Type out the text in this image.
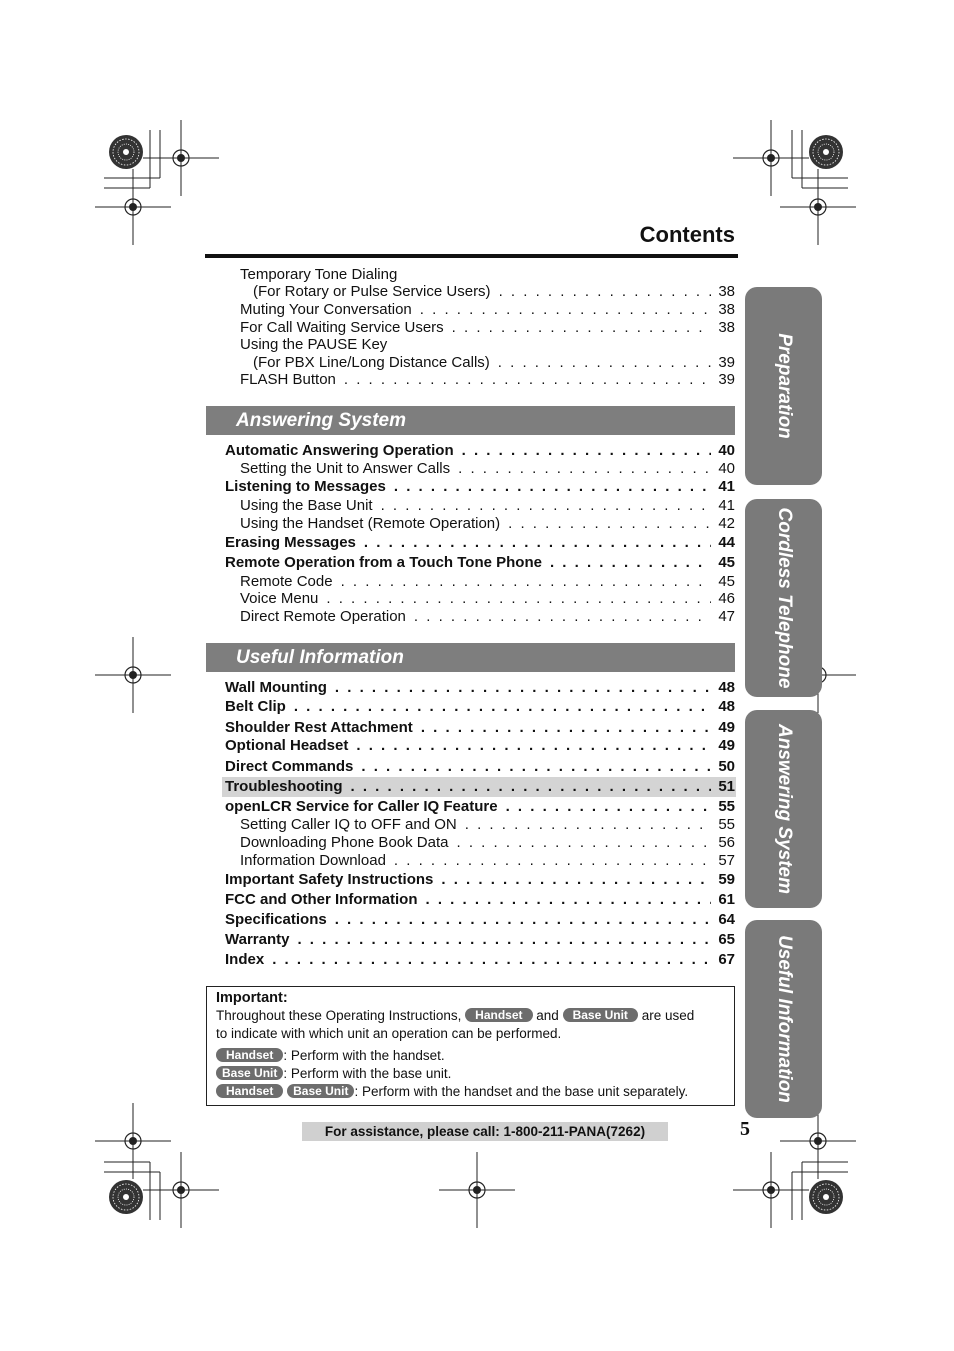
Contents
Temporary Tone Dialing
(For Rotary or Pulse Service Users) . . .	38
Muting Your Conversation . . .	38
For Call Waiting Service Users . . .	38
Using the PAUSE Key
(For PBX Line/Long Distance Calls) . . .	39
FLASH Button . . .	39
Answering System
Automatic Answering Operation . . .	40
Setting the Unit to Answer Calls . . .	40
Listening to Messages . . .	41
Using the Base Unit . . .	41
Using the Handset (Remote Operation) . . .	42
Erasing Messages . . .	44
Remote Operation from a Touch Tone Phone . . .	45
Remote Code . . .	45
Voice Menu . . .	46
Direct Remote Operation . . .	47
Useful Information
Wall Mounting . . .	48
Belt Clip . . .	48
Shoulder Rest Attachment . . .	49
Optional Headset . . .	49
Direct Commands . . .	50
Troubleshooting . . .	51
openLCR Service for Caller IQ Feature . . .	55
Setting Caller IQ to OFF and ON . . .	55
Downloading Phone Book Data . . .	56
Information Download . . .	57
Important Safety Instructions . . .	59
FCC and Other Information . . .	61
Specifications . . .	64
Warranty . . .	65
Index . . .	67
Preparation
Cordless Telephone
Answering System
Useful Information
Important:
Throughout these Operating Instructions, Handset and Base Unit are used
to indicate with which unit an operation can be performed.
Handset : Perform with the handset.
Base Unit : Perform with the base unit.
Handset Base Unit : Perform with the handset and the base unit separately.
For assistance, please call: 1-800-211-PANA(7262)	5
